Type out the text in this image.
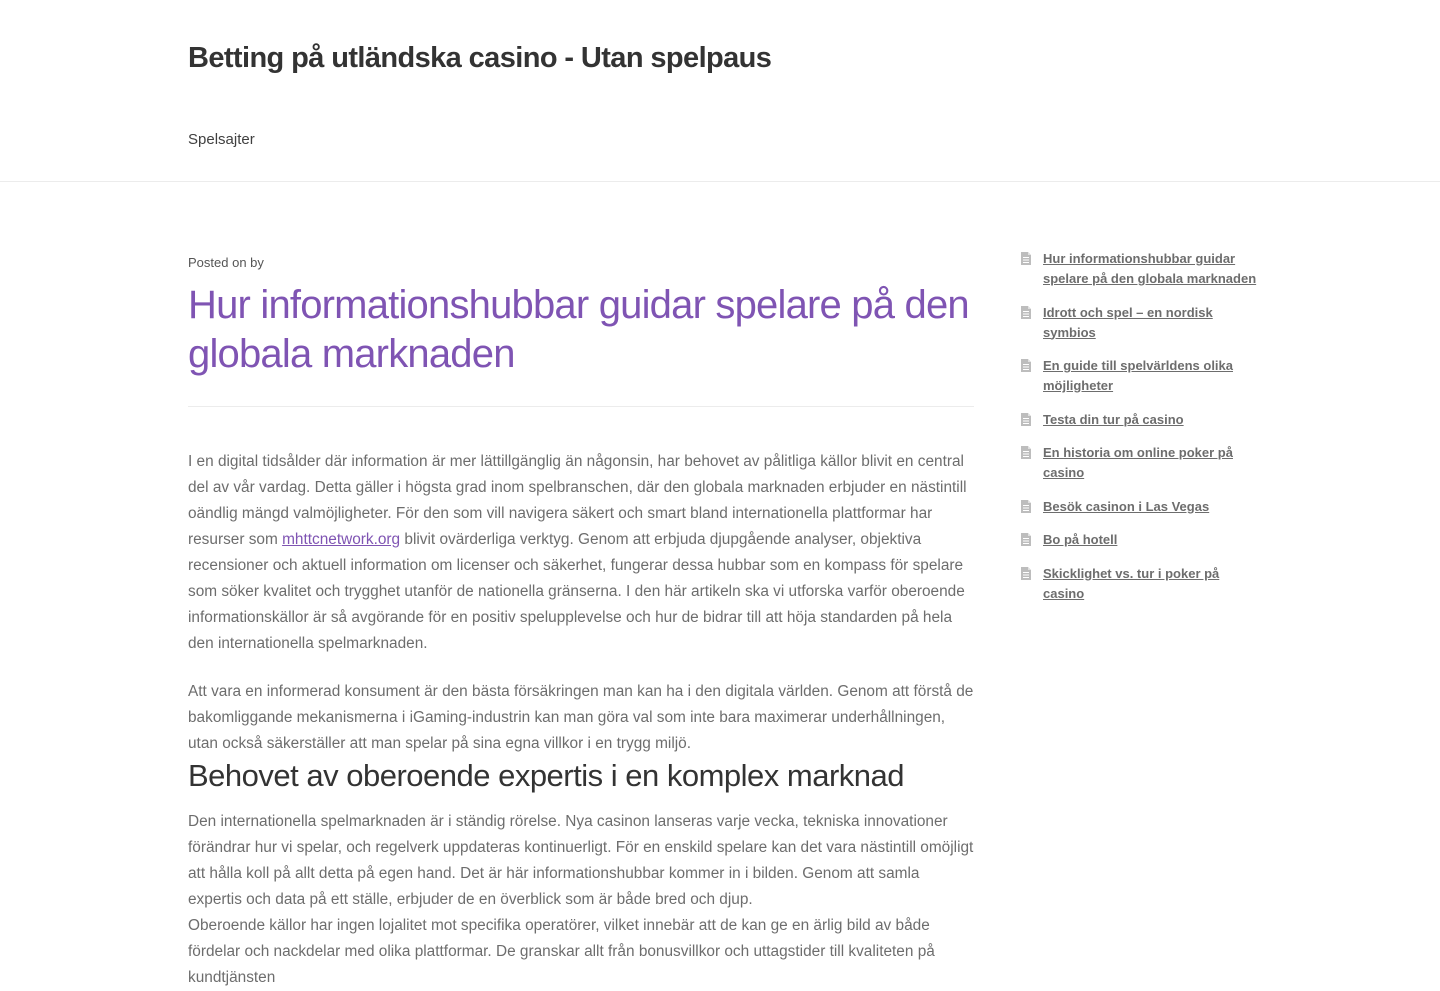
Betting på utländska casino - Utan spelpaus
Spelsajter
Posted on by
Hur informationshubbar guidar spelare på den globala marknaden

I en digital tidsålder där information är mer lättillgänglig än någonsin, har behovet av pålitliga källor blivit en central del av vår vardag. Detta gäller i högsta grad inom spelbranschen, där den globala marknaden erbjuder en nästintill oändlig mängd valmöjligheter. För den som vill navigera säkert och smart bland internationella plattformar har resurser som mhttcnetwork.org blivit ovärderliga verktyg. Genom att erbjuda djupgående analyser, objektiva recensioner och aktuell information om licenser och säkerhet, fungerar dessa hubbar som en kompass för spelare som söker kvalitet och trygghet utanför de nationella gränserna. I den här artikeln ska vi utforska varför oberoende informationskällor är så avgörande för en positiv spelupplevelse och hur de bidrar till att höja standarden på hela den internationella spelmarknaden.

Att vara en informerad konsument är den bästa försäkringen man kan ha i den digitala världen. Genom att förstå de bakomliggande mekanismerna i iGaming-industrin kan man göra val som inte bara maximerar underhållningen, utan också säkerställer att man spelar på sina egna villkor i en trygg miljö.

Behovet av oberoende expertis i en komplex marknad

Den internationella spelmarknaden är i ständig rörelse. Nya casinon lanseras varje vecka, tekniska innovationer förändrar hur vi spelar, och regelverk uppdateras kontinuerligt. För en enskild spelare kan det vara nästintill omöjligt att hålla koll på allt detta på egen hand. Det är här informationshubbar kommer in i bilden. Genom att samla expertis och data på ett ställe, erbjuder de en överblick som är både bred och djup.

Oberoende källor har ingen lojalitet mot specifika operatörer, vilket innebär att de kan ge en ärlig bild av både fördelar och nackdelar med olika plattformar. De granskar allt från bonusvillkor och uttagstider till kvaliteten på kundtjänsten

Hur informationshubbar guidar spelare på den globala marknaden
Idrott och spel – en nordisk symbios
En guide till spelvärldens olika möjligheter
Testa din tur på casino
En historia om online poker på casino
Besök casinon i Las Vegas
Bo på hotell
Skicklighet vs. tur i poker på casino
